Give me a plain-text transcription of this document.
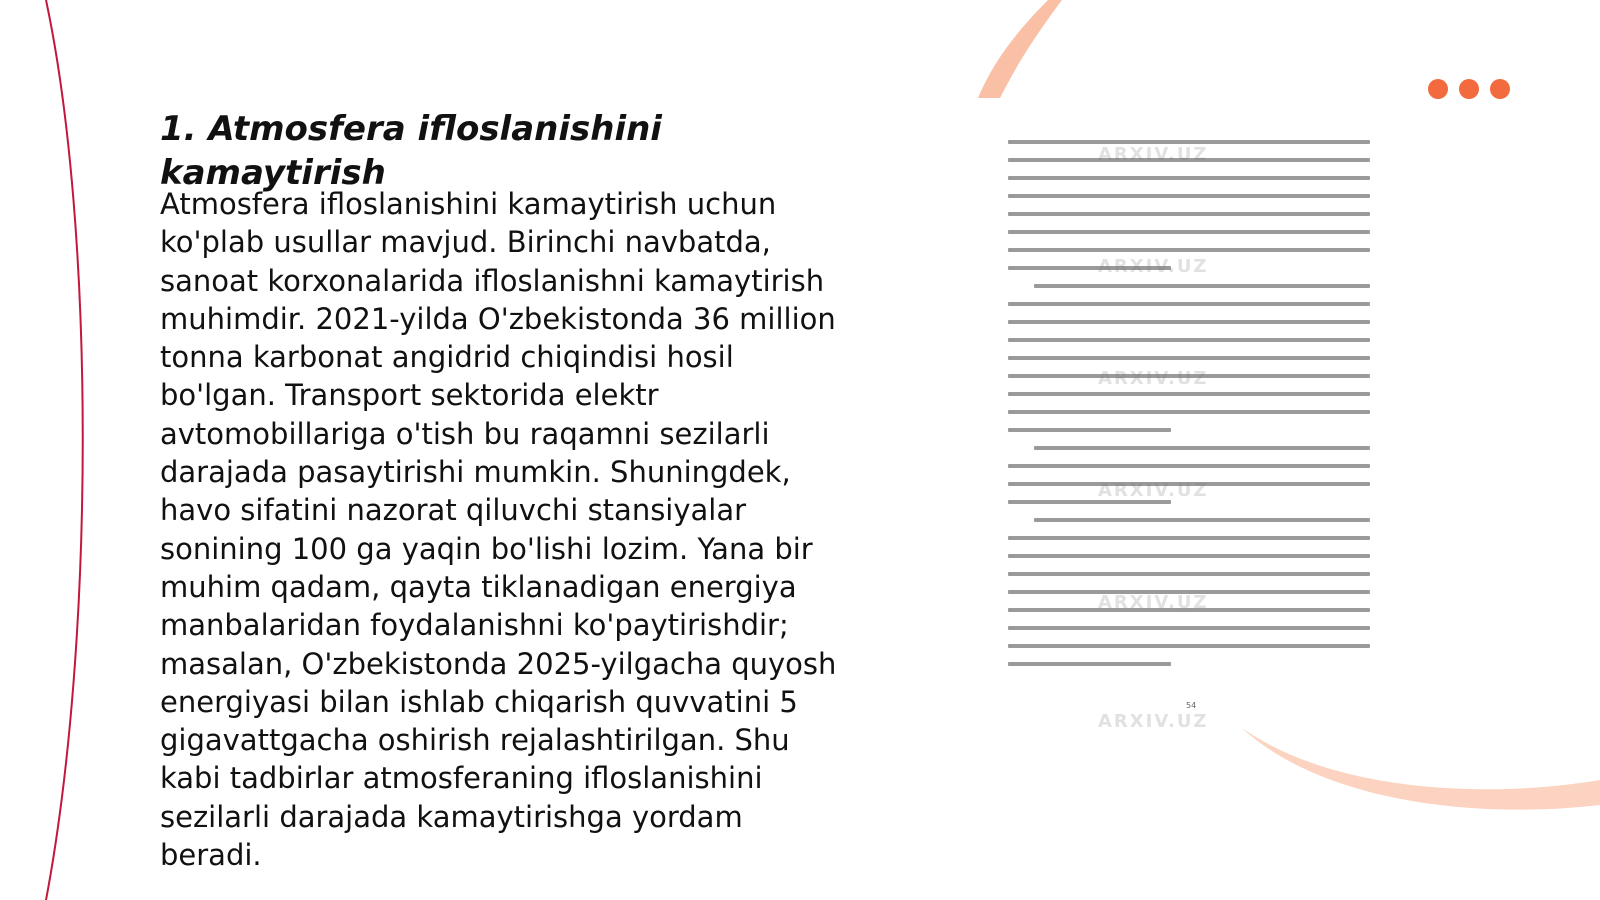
1. Atmosfera ifloslanishini kamaytirish

Atmosfera ifloslanishini kamaytirish uchun ko'plab usullar mavjud. Birinchi navbatda, sanoat korxonalarida ifloslanishni kamaytirish muhimdir. 2021-yilda O'zbekistonda 36 million tonna karbonat angidrid chiqindisi hosil bo'lgan. Transport sektorida elektr avtomobillariga o'tish bu raqamni sezilarli darajada pasaytirishi mumkin. Shuningdek, havo sifatini nazorat qiluvchi stansiyalar sonining 100 ga yaqin bo'lishi lozim. Yana bir muhim qadam, qayta tiklanadigan energiya manbalaridan foydalanishni ko'paytirishdir; masalan, O'zbekistonda 2025-yilgacha quyosh energiyasi bilan ishlab chiqarish quvvatini 5 gigavattgacha oshirish rejalashtirilgan. Shu kabi tadbirlar atmosferaning ifloslanishini sezilarli darajada kamaytirishga yordam beradi.

ARXIV.UZ
ARXIV.UZ
ARXIV.UZ
ARXIV.UZ
ARXIV.UZ
ARXIV.UZ
54
